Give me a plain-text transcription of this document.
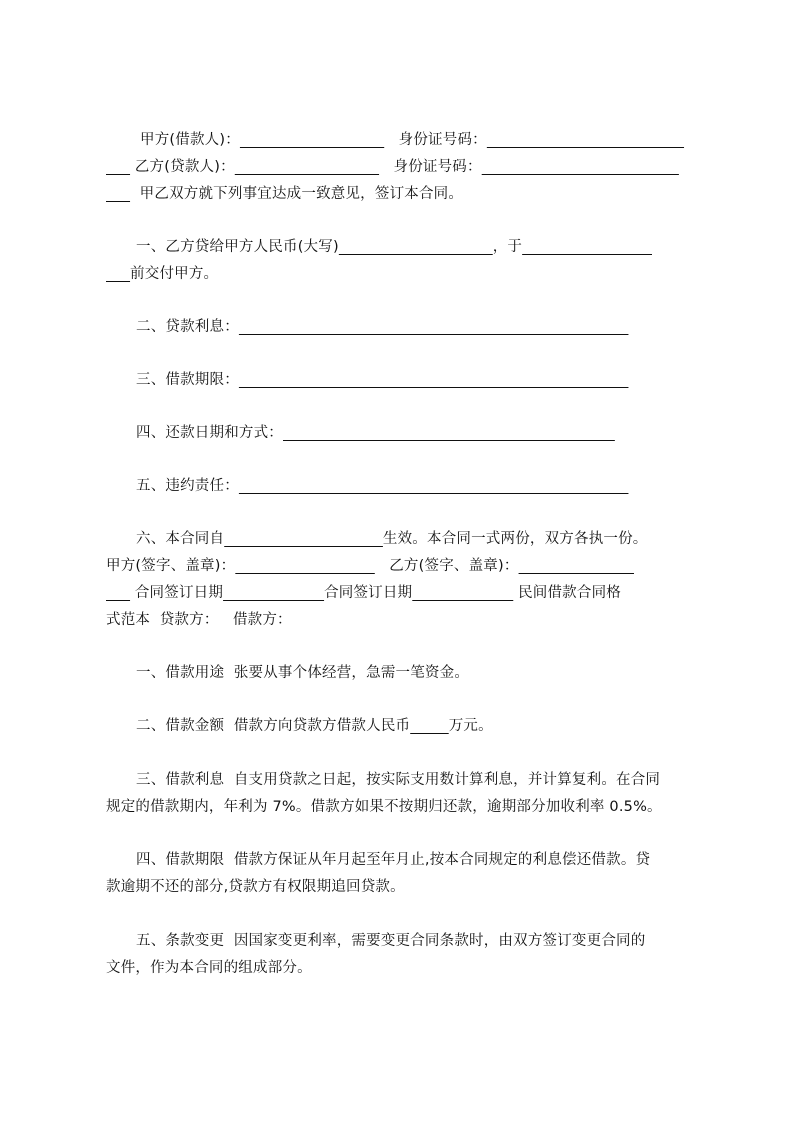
甲方(借款人)：	身份证号码：
乙方(贷款人)：	身份证号码：
甲乙双方就下列事宜达成一致意见，签订本合同。
一、乙方贷给甲方人民币(大写)	，于
前交付甲方。
二、贷款利息：
三、借款期限：
四、还款日期和方式：
五、违约责任：
六、本合同自	生效。本合同一式两份，双方各执一份。
甲方(签字、盖章)：	乙方(签字、盖章)：
合同签订日期	合同签订日期	民间借款合同格
式范本  贷款方：   借款方：
一、借款用途  张要从事个体经营，急需一笔资金。
二、借款金额  借款方向贷款方借款人民币	万元。
三、借款利息  自支用贷款之日起，按实际支用数计算利息，并计算复利。在合同
规定的借款期内，年利为 7%。借款方如果不按期归还款，逾期部分加收利率 0.5%。
四、借款期限  借款方保证从年月起至年月止,按本合同规定的利息偿还借款。贷
款逾期不还的部分,贷款方有权限期追回贷款。
五、条款变更  因国家变更利率，需要变更合同条款时，由双方签订变更合同的
文件，作为本合同的组成部分。
